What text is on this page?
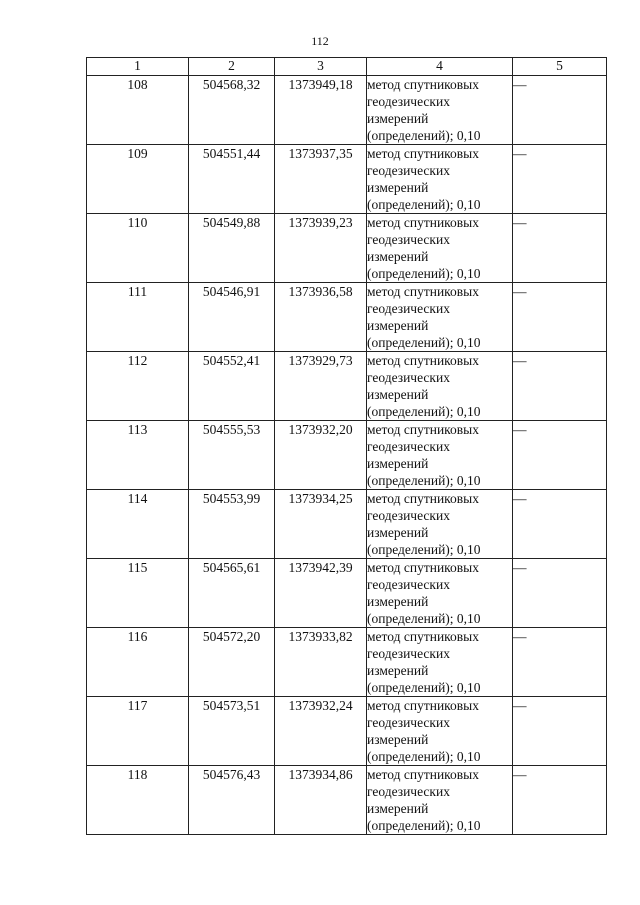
112
1	2	3	4	5
108	504568,32	1373949,18	метод спутниковых
геодезических
измерений
(определений); 0,10	—
109	504551,44	1373937,35	метод спутниковых
геодезических
измерений
(определений); 0,10	—
110	504549,88	1373939,23	метод спутниковых
геодезических
измерений
(определений); 0,10	—
111	504546,91	1373936,58	метод спутниковых
геодезических
измерений
(определений); 0,10	—
112	504552,41	1373929,73	метод спутниковых
геодезических
измерений
(определений); 0,10	—
113	504555,53	1373932,20	метод спутниковых
геодезических
измерений
(определений); 0,10	—
114	504553,99	1373934,25	метод спутниковых
геодезических
измерений
(определений); 0,10	—
115	504565,61	1373942,39	метод спутниковых
геодезических
измерений
(определений); 0,10	—
116	504572,20	1373933,82	метод спутниковых
геодезических
измерений
(определений); 0,10	—
117	504573,51	1373932,24	метод спутниковых
геодезических
измерений
(определений); 0,10	—
118	504576,43	1373934,86	метод спутниковых
геодезических
измерений
(определений); 0,10	—
